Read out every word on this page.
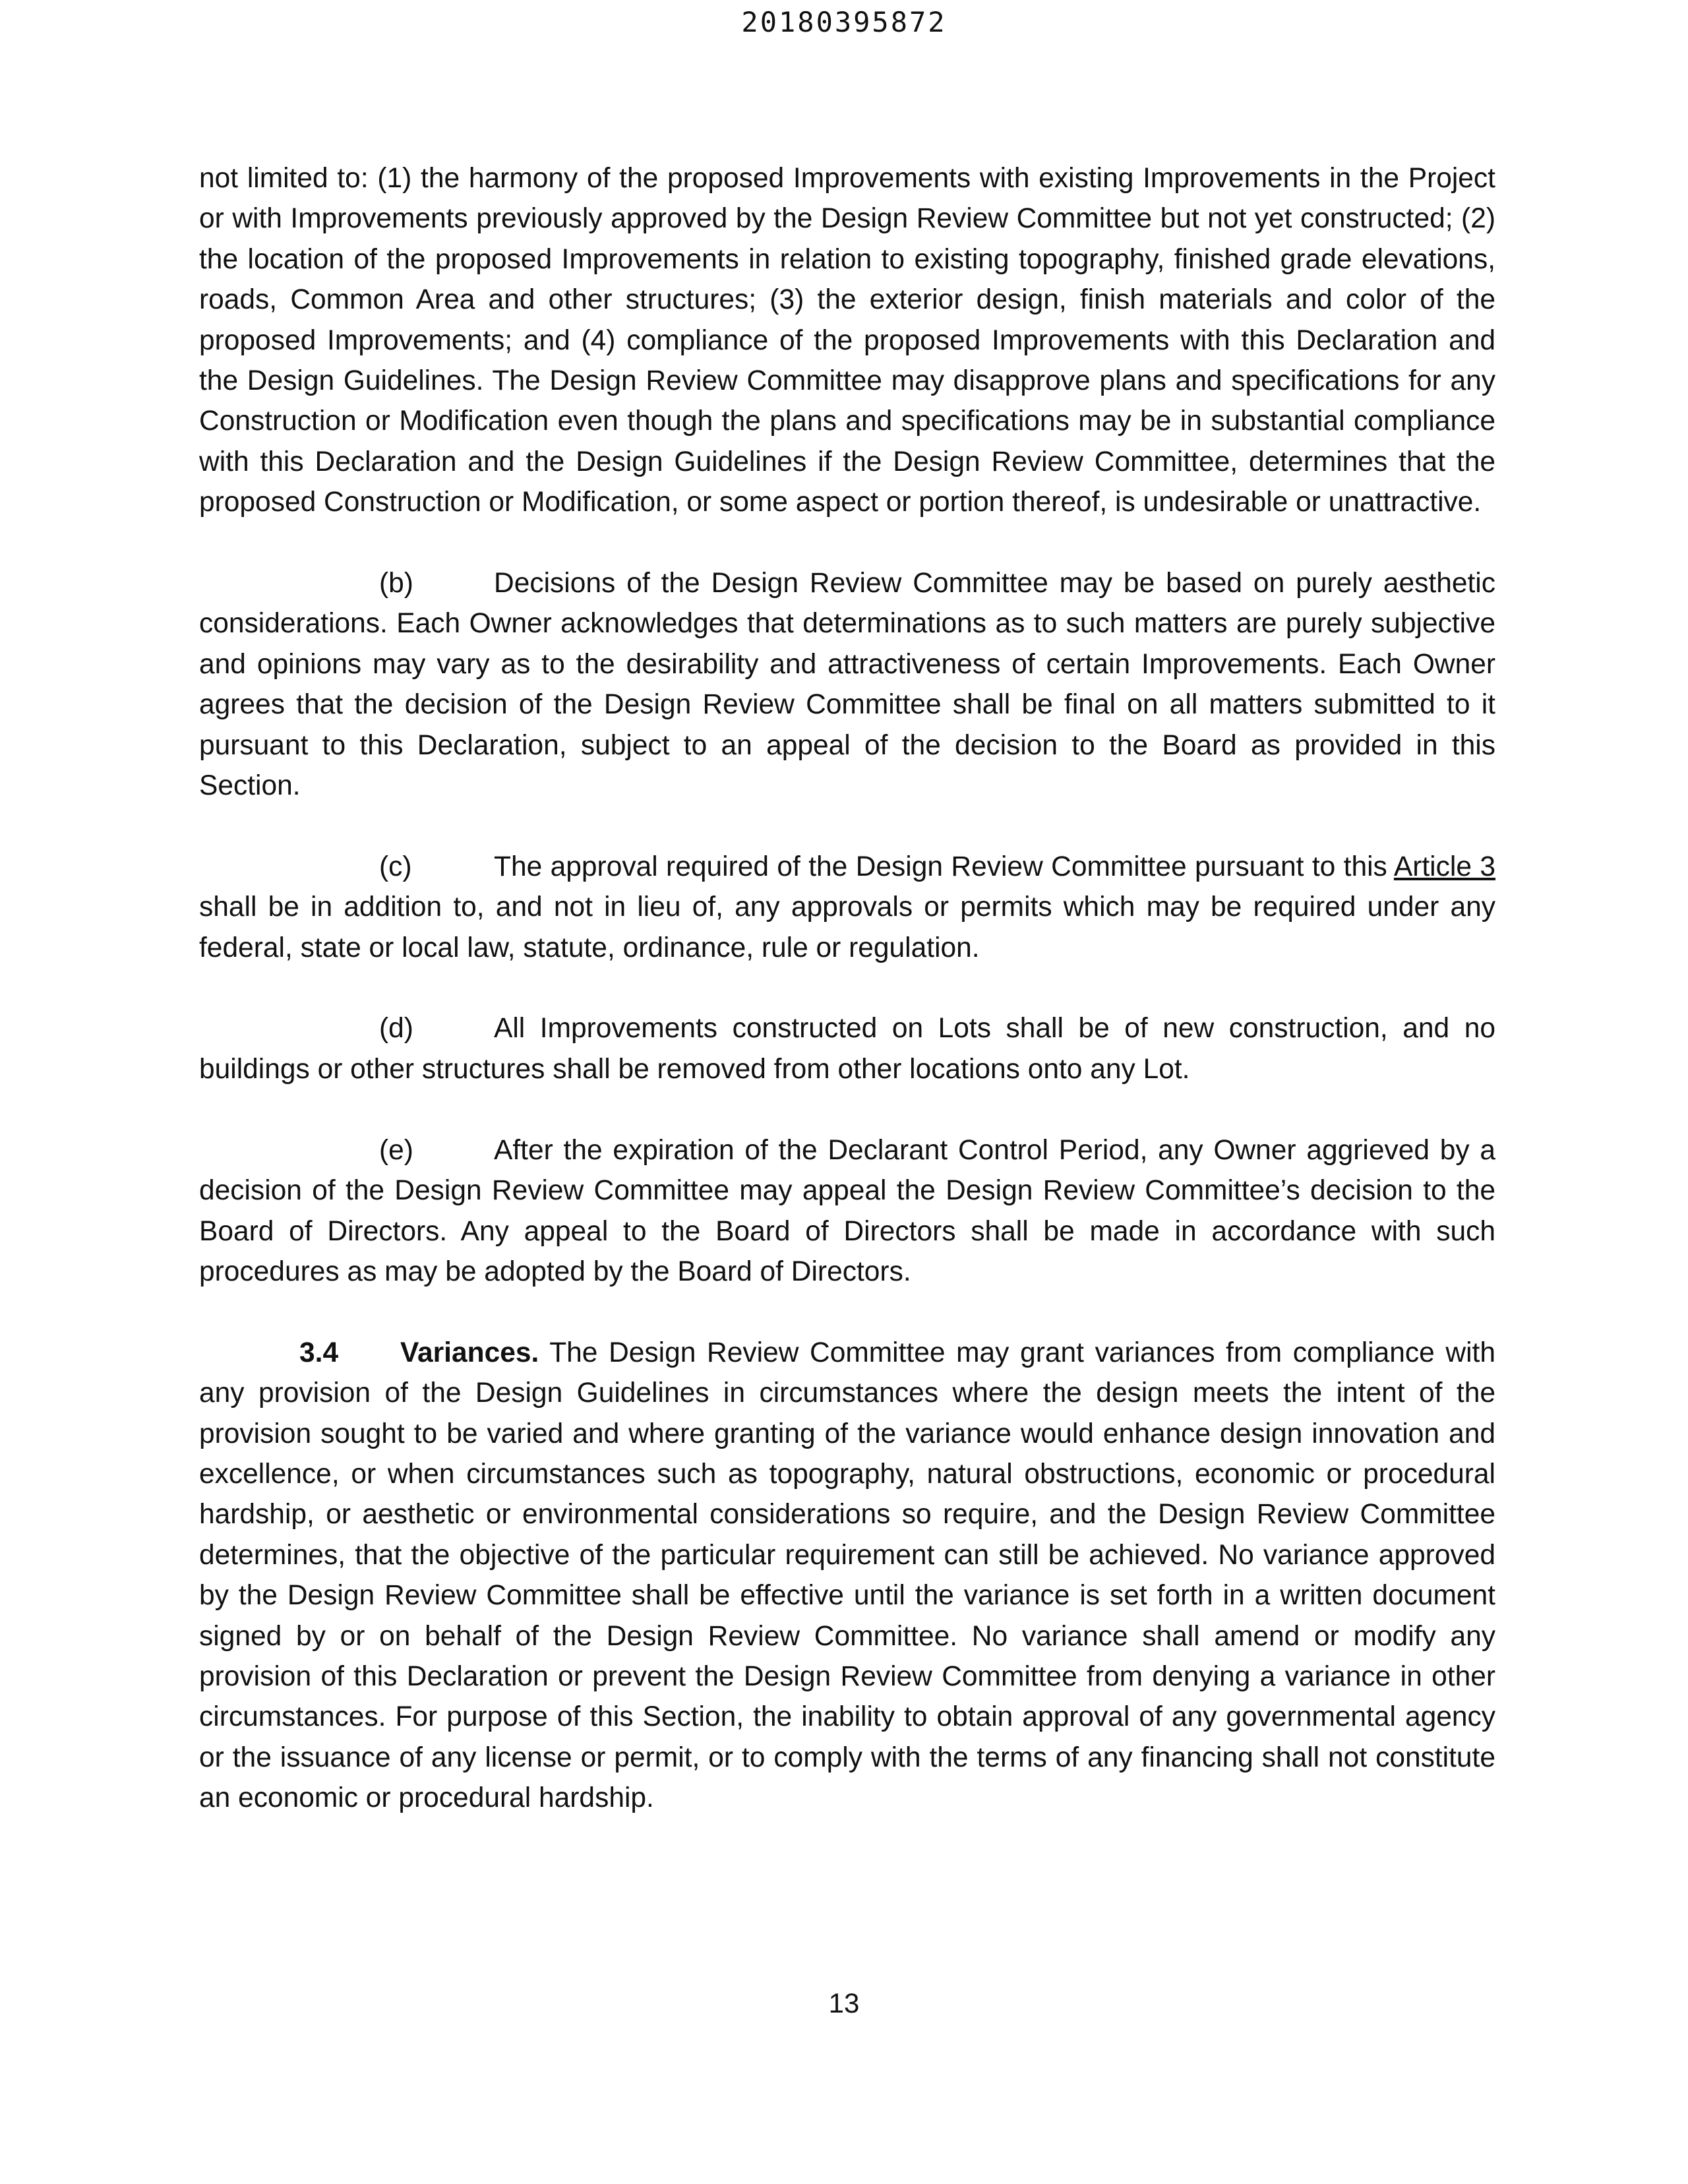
20180395872

not limited to: (1) the harmony of the proposed Improvements with existing Improvements in the Project or with Improvements previously approved by the Design Review Committee but not yet constructed; (2) the location of the proposed Improvements in relation to existing topography, finished grade elevations, roads, Common Area and other structures; (3) the exterior design, finish materials and color of the proposed Improvements; and (4) compliance of the proposed Improvements with this Declaration and the Design Guidelines. The Design Review Committee may disapprove plans and specifications for any Construction or Modification even though the plans and specifications may be in substantial compliance with this Declaration and the Design Guidelines if the Design Review Committee, determines that the proposed Construction or Modification, or some aspect or portion thereof, is undesirable or unattractive.

(b)	Decisions of the Design Review Committee may be based on purely aesthetic considerations. Each Owner acknowledges that determinations as to such matters are purely subjective and opinions may vary as to the desirability and attractiveness of certain Improvements. Each Owner agrees that the decision of the Design Review Committee shall be final on all matters submitted to it pursuant to this Declaration, subject to an appeal of the decision to the Board as provided in this Section.

(c)	The approval required of the Design Review Committee pursuant to this Article 3 shall be in addition to, and not in lieu of, any approvals or permits which may be required under any federal, state or local law, statute, ordinance, rule or regulation.

(d)	All Improvements constructed on Lots shall be of new construction, and no buildings or other structures shall be removed from other locations onto any Lot.

(e)	After the expiration of the Declarant Control Period, any Owner aggrieved by a decision of the Design Review Committee may appeal the Design Review Committee’s decision to the Board of Directors. Any appeal to the Board of Directors shall be made in accordance with such procedures as may be adopted by the Board of Directors.

3.4 Variances. The Design Review Committee may grant variances from compliance with any provision of the Design Guidelines in circumstances where the design meets the intent of the provision sought to be varied and where granting of the variance would enhance design innovation and excellence, or when circumstances such as topography, natural obstructions, economic or procedural hardship, or aesthetic or environmental considerations so require, and the Design Review Committee determines, that the objective of the particular requirement can still be achieved. No variance approved by the Design Review Committee shall be effective until the variance is set forth in a written document signed by or on behalf of the Design Review Committee. No variance shall amend or modify any provision of this Declaration or prevent the Design Review Committee from denying a variance in other circumstances. For purpose of this Section, the inability to obtain approval of any governmental agency or the issuance of any license or permit, or to comply with the terms of any financing shall not constitute an economic or procedural hardship.

13
